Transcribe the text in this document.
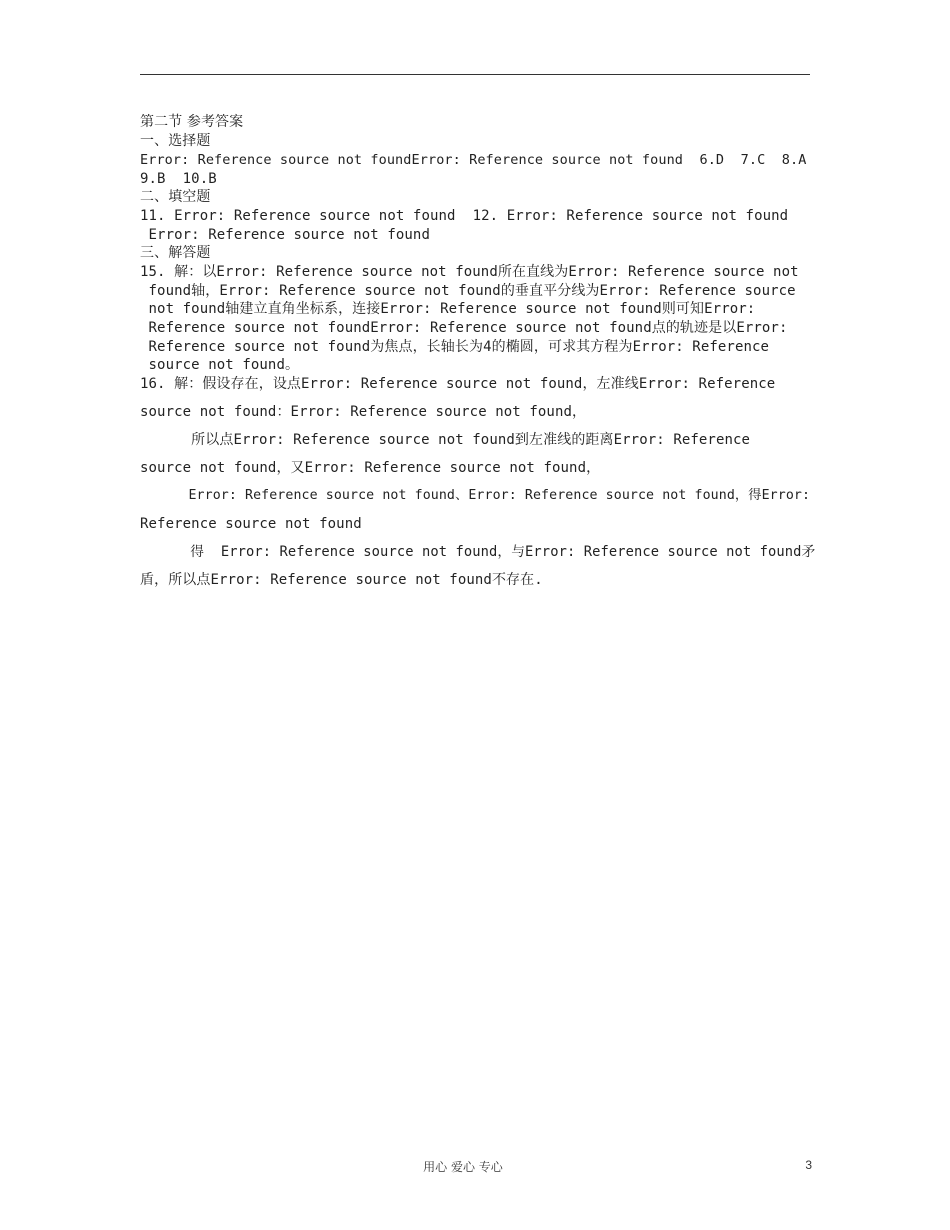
第二节 参考答案
一、选择题
Error: Reference source not foundError: Reference source not found  6.D  7.C  8.A
9.B  10.B
二、填空题
11. Error: Reference source not found  12. Error: Reference source not found
Error: Reference source not found
三、解答题
15. 解：以Error: Reference source not found所在直线为Error: Reference source not
found轴，Error: Reference source not found的垂直平分线为Error: Reference source
not found轴建立直角坐标系，连接Error: Reference source not found则可知Error:
Reference source not foundError: Reference source not found点的轨迹是以Error:
Reference source not found为焦点，长轴长为4的椭圆，可求其方程为Error: Reference
source not found。
16. 解：假设存在，设点Error: Reference source not found，左准线Error: Reference
source not found：Error: Reference source not found，
所以点Error: Reference source not found到左准线的距离Error: Reference
source not found，又Error: Reference source not found，
Error: Reference source not found、Error: Reference source not found，得Error:
Reference source not found
得  Error: Reference source not found，与Error: Reference source not found矛
盾，所以点Error: Reference source not found不存在.
用心 爱心 专心	3
